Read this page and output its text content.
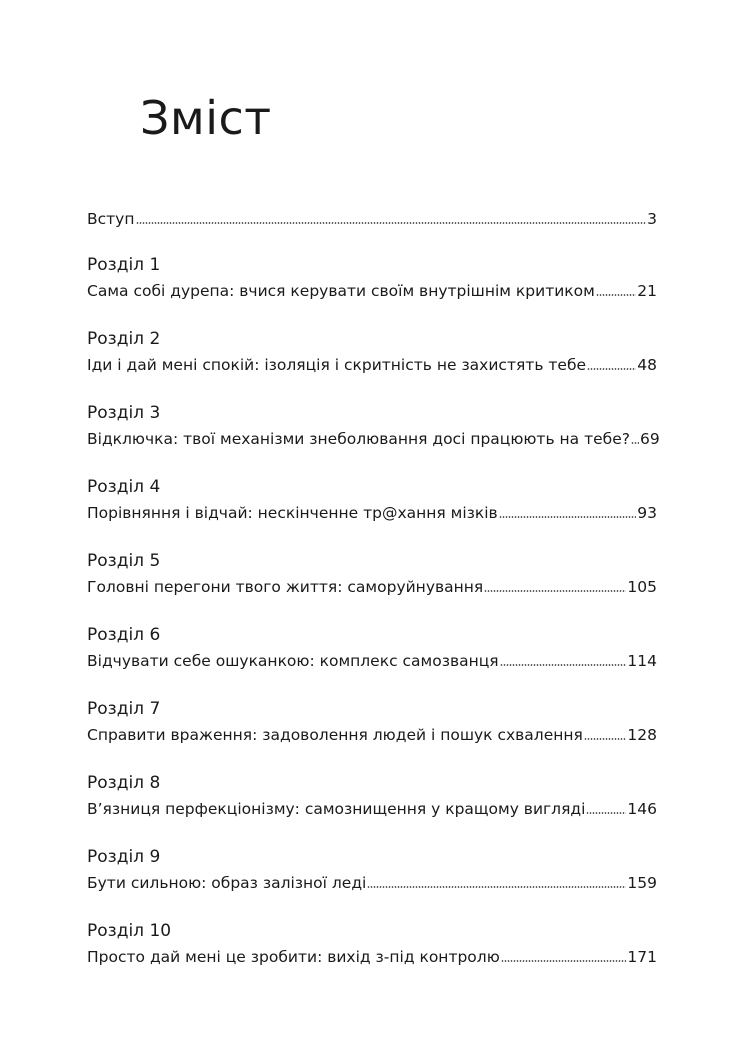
Зміст
Вступ	3
Розділ 1
Сама собі дурепа: вчися керувати своїм внутрішнім критиком	21
Розділ 2
Іди і дай мені спокій: ізоляція і скритність не захистять тебе	48
Розділ 3
Відключка: твої механізми знеболювання досі працюють на тебе? 69
Розділ 4
Порівняння і відчай: нескінченне тр@хання мізків	93
Розділ 5
Головні перегони твого життя: саморуйнування	105
Розділ 6
Відчувати себе ошуканкою: комплекс самозванця	114
Розділ 7
Справити враження: задоволення людей і пошук схвалення	128
Розділ 8
В’язниця перфекціонізму: самознищення у кращому вигляді	146
Розділ 9
Бути сильною: образ залізної леді	159
Розділ 10
Просто дай мені це зробити: вихід з-під контролю	171
